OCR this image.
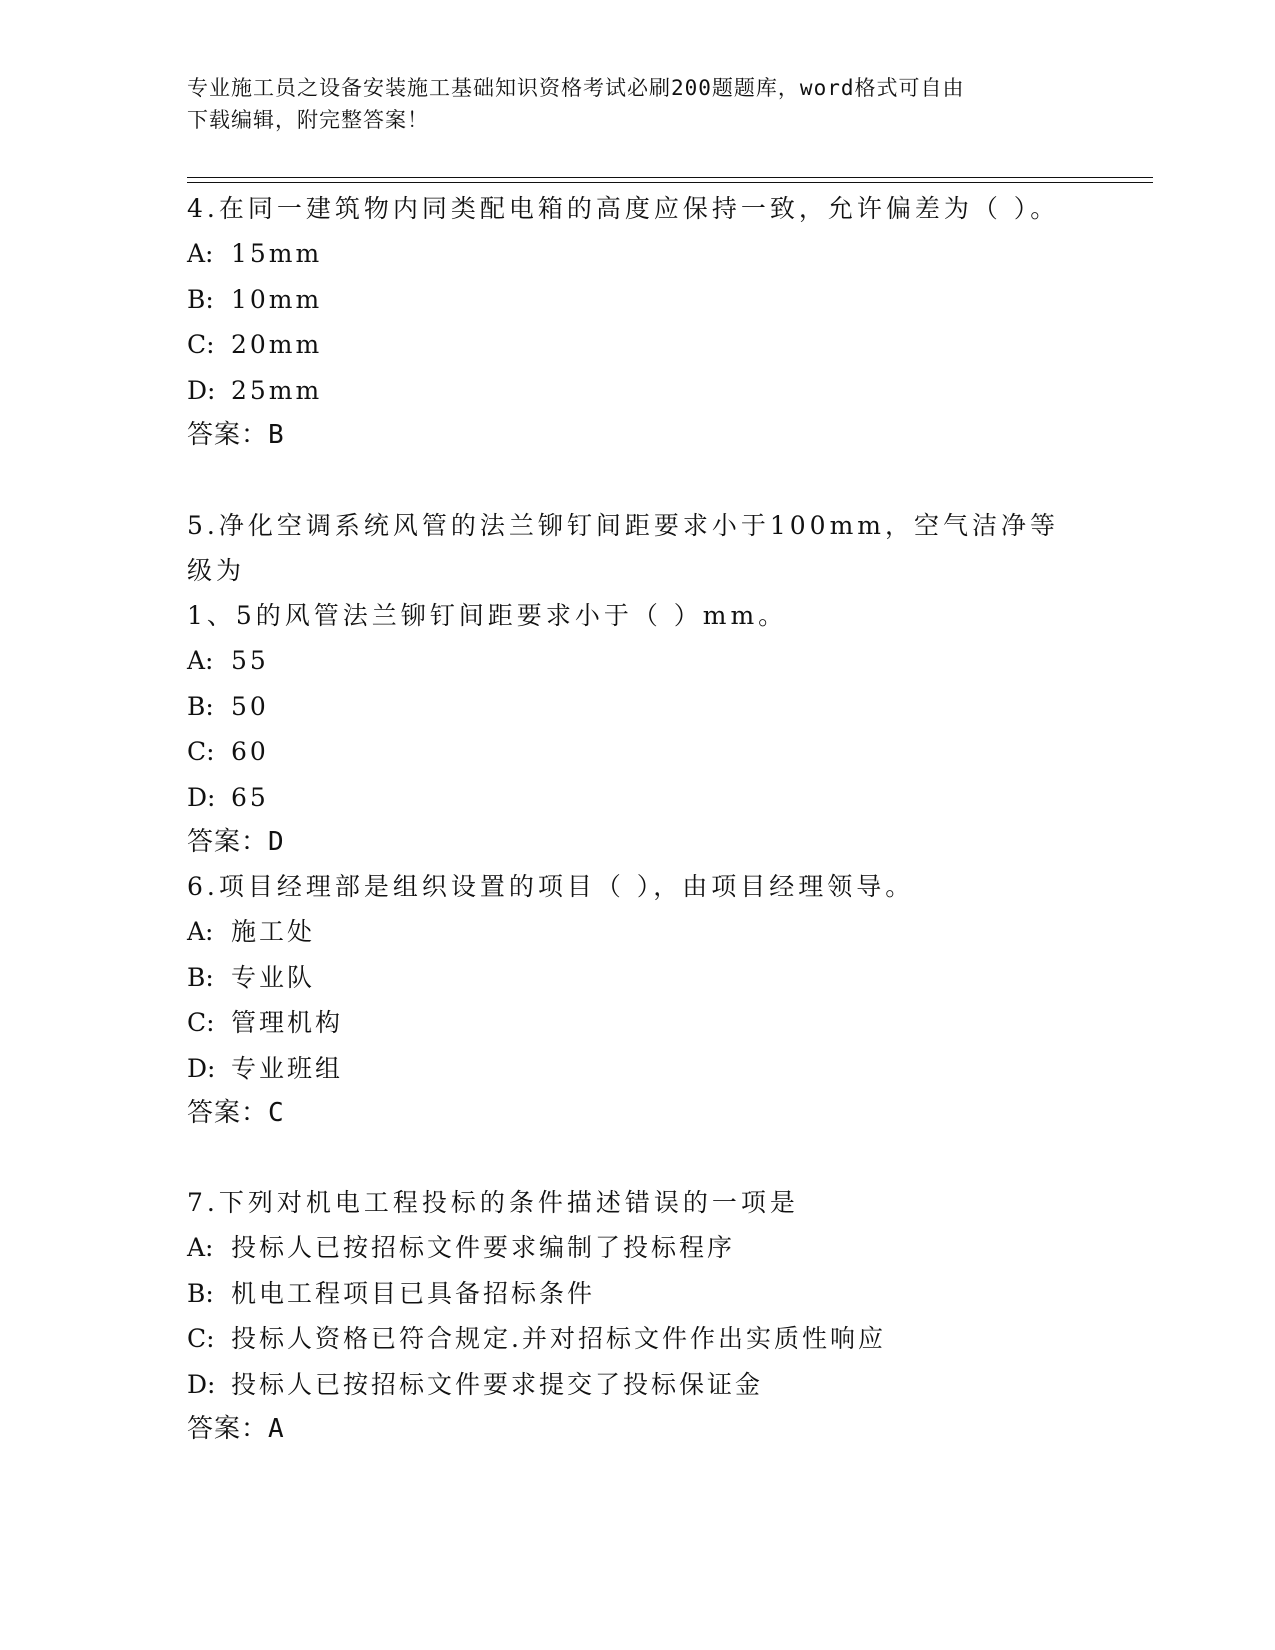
专业施工员之设备安装施工基础知识资格考试必刷200题题库，word格式可自由
下载编辑，附完整答案！

4.在同一建筑物内同类配电箱的高度应保持一致，允许偏差为（ ）。

A: 15mm

B: 10mm

C: 20mm

D: 25mm

答案：B

5.净化空调系统风管的法兰铆钉间距要求小于100mm，空气洁净等级为

1、5的风管法兰铆钉间距要求小于（ ）mm。

A: 55

B: 50

C: 60

D: 65

答案：D

6.项目经理部是组织设置的项目（ ），由项目经理领导。

A: 施工处

B: 专业队

C: 管理机构

D: 专业班组

答案：C

7.下列对机电工程投标的条件描述错误的一项是

A: 投标人已按招标文件要求编制了投标程序

B: 机电工程项目已具备招标条件

C: 投标人资格已符合规定.并对招标文件作出实质性响应

D: 投标人已按招标文件要求提交了投标保证金

答案：A
